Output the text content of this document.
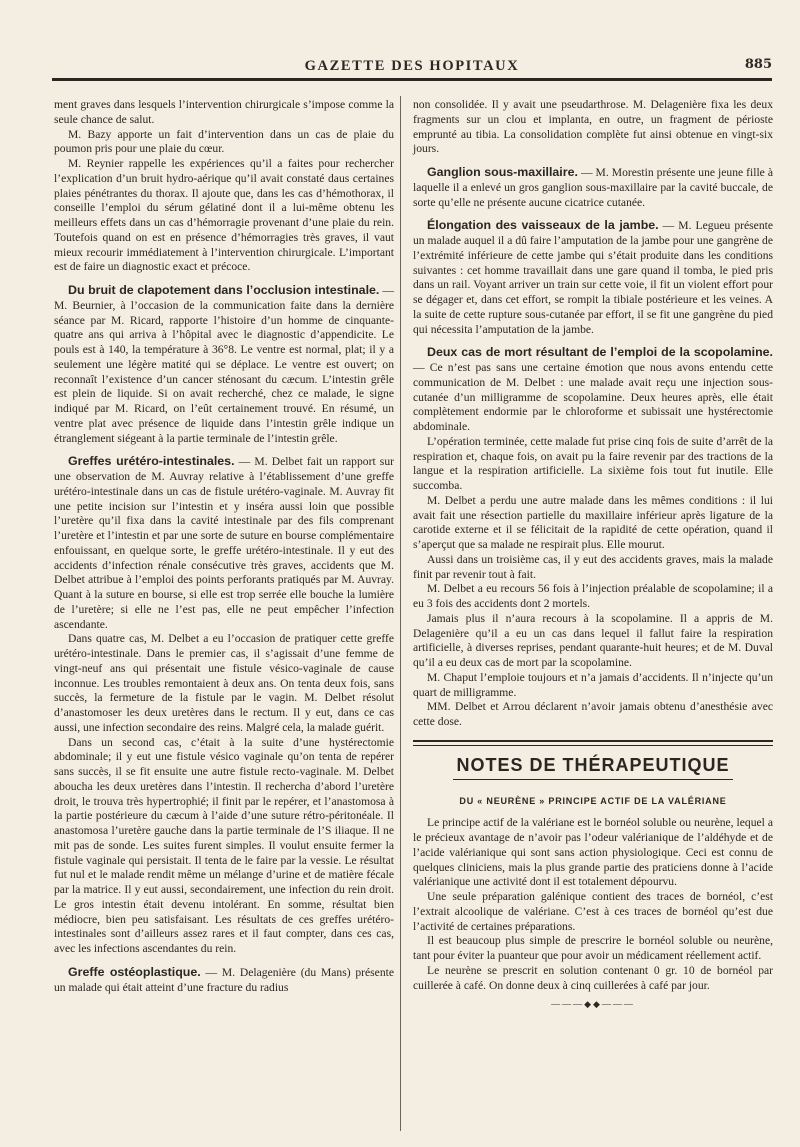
GAZETTE DES HOPITAUX	885

ment graves dans lesquels l’intervention chirurgicale s’impose comme la seule chance de salut.

M. Bazy apporte un fait d’intervention dans un cas de plaie du poumon pris pour une plaie du cœur.

M. Reynier rappelle les expériences qu’il a faites pour rechercher l’explication d’un bruit hydro-aérique qu’il avait constaté daus certaines plaies pénétrantes du thorax. Il ajoute que, dans les cas d’hémothorax, il conseille l’emploi du sérum gélatiné dont il a lui-même obtenu les meilleurs effets dans un cas d’hémorragie provenant d’une plaie du rein. Toutefois quand on est en présence d’hémorragies très graves, il vaut mieux recourir immédiatement à l’intervention chirurgicale. L’important est de faire un diagnostic exact et précoce.

Du bruit de clapotement dans l’occlusion intestinale. — M. Beurnier, à l’occasion de la communication faite dans la dernière séance par M. Ricard, rapporte l’histoire d’un homme de cinquante-quatre ans qui arriva à l’hôpital avec le diagnostic d’appendicite. Le pouls est à 140, la température à 36°8. Le ventre est normal, plat; il y a seulement une légère matité qui se déplace. Le ventre est ouvert; on reconnaît l’existence d’un cancer sténosant du cæcum. L’intestin grêle est plein de liquide. Si on avait recherché, chez ce malade, le signe indiqué par M. Ricard, on l’eût certainement trouvé. En résumé, un ventre plat avec présence de liquide dans l’intestin grêle indique un étranglement siégeant à la partie terminale de l’intestin grêle.

Greffes urétéro-intestinales. — M. Delbet fait un rapport sur une observation de M. Auvray relative à l’établissement d’une greffe urétéro-intestinale dans un cas de fistule urétéro-vaginale. M. Auvray fit une petite incision sur l’intestin et y inséra aussi loin que possible l’uretère qu’il fixa dans la cavité intestinale par des fils comprenant l’uretère et l’intestin et par une sorte de suture en bourse complémentaire enfouissant, en quelque sorte, le greffe urétéro-intestinale. Il y eut des accidents d’infection rénale consécutive très graves, accidents que M. Delbet attribue à l’emploi des points perforants pratiqués par M. Auvray. Quant à la suture en bourse, si elle est trop serrée elle bouche la lumière de l’uretère; si elle ne l’est pas, elle ne peut empêcher l’infection ascendante.

Dans quatre cas, M. Delbet a eu l’occasion de pratiquer cette greffe urétéro-intestinale. Dans le premier cas, il s’agissait d’une femme de vingt-neuf ans qui présentait une fistule vésico-vaginale de cause inconnue. Les troubles remontaient à deux ans. On tenta deux fois, sans succès, la fermeture de la fistule par le vagin. M. Delbet résolut d’anastomoser les deux uretères dans le rectum. Il y eut, dans ce cas aussi, une infection secondaire des reins. Malgré cela, la malade guérit.

Dans un second cas, c’était à la suite d’une hystérectomie abdominale; il y eut une fistule vésico vaginale qu’on tenta de repérer sans succès, il se fit ensuite une autre fistule recto-vaginale. M. Delbet aboucha les deux uretères dans l’intestin. Il rechercha d’abord l’uretère droit, le trouva très hypertrophié; il finit par le repérer, et l’anastomosa à la partie postérieure du cæcum à l’aide d’une suture rétro-péritonéale. Il anastomosa l’uretère gauche dans la partie terminale de l’S iliaque. Il ne mit pas de sonde. Les suites furent simples. Il voulut ensuite fermer la fistule vaginale qui persistait. Il tenta de le faire par la vessie. Le résultat fut nul et le malade rendit même un mélange d’urine et de matière fécale par la matrice. Il y eut aussi, secondairement, une infection du rein droit. Le gros intestin était devenu intolérant. En somme, résultat bien médiocre, bien peu satisfaisant. Les résultats de ces greffes urétéro-intestinales sont d’ailleurs assez rares et il faut compter, dans ces cas, avec les infections ascendantes du rein.

Greffe ostéoplastique. — M. Delagenière (du Mans) présente un malade qui était atteint d’une fracture du radius

non consolidée. Il y avait une pseudarthrose. M. Delagenière fixa les deux fragments sur un clou et implanta, en outre, un fragment de périoste emprunté au tibia. La consolidation complète fut ainsi obtenue en vingt-six jours.

Ganglion sous-maxillaire. — M. Morestin présente une jeune fille à laquelle il a enlevé un gros ganglion sous-maxillaire par la cavité buccale, de sorte qu’elle ne présente aucune cicatrice cutanée.

Élongation des vaisseaux de la jambe. — M. Legueu présente un malade auquel il a dû faire l’amputation de la jambe pour une gangrène de l’extrémité inférieure de cette jambe qui s’était produite dans les conditions suivantes : cet homme travaillait dans une gare quand il tomba, le pied pris dans un rail. Voyant arriver un train sur cette voie, il fit un violent effort pour se dégager et, dans cet effort, se rompit la tibiale postérieure et les veines. A la suite de cette rupture sous-cutanée par effort, il se fit une gangrène du pied qui nécessita l’amputation de la jambe.

Deux cas de mort résultant de l’emploi de la scopolamine. — Ce n’est pas sans une certaine émotion que nous avons entendu cette communication de M. Delbet : une malade avait reçu une injection sous-cutanée d’un milligramme de scopolamine. Deux heures après, elle était complètement endormie par le chloroforme et subissait une hystérectomie abdominale.

L’opération terminée, cette malade fut prise cinq fois de suite d’arrêt de la respiration et, chaque fois, on avait pu la faire revenir par des tractions de la langue et la respiration artificielle. La sixième fois tout fut inutile. Elle succomba.

M. Delbet a perdu une autre malade dans les mêmes conditions : il lui avait fait une résection partielle du maxillaire inférieur après ligature de la carotide externe et il se félicitait de la rapidité de cette opération, quand il s’aperçut que sa malade ne respirait plus. Elle mourut.

Aussi dans un troisième cas, il y eut des accidents graves, mais la malade finit par revenir tout à fait.

M. Delbet a eu recours 56 fois à l’injection préalable de scopolamine; il a eu 3 fois des accidents dont 2 mortels.

Jamais plus il n’aura recours à la scopolamine. Il a appris de M. Delagenière qu’il a eu un cas dans lequel il fallut faire la respiration artificielle, à diverses reprises, pendant quarante-huit heures; et de M. Duval qu’il a eu deux cas de mort par la scopolamine.

M. Chaput l’emploie toujours et n’a jamais d’accidents. Il n’injecte qu’un quart de milligramme.

MM. Delbet et Arrou déclarent n’avoir jamais obtenu d’anesthésie avec cette dose.

NOTES DE THÉRAPEUTIQUE
DU « NEURÈNE » PRINCIPE ACTIF DE LA VALÉRIANE

Le principe actif de la valériane est le bornéol soluble ou neurène, lequel a le précieux avantage de n’avoir pas l’odeur valérianique de l’aldéhyde et de l’acide valérianique qui sont sans action physiologique. Ceci est connu de quelques cliniciens, mais la plus grande partie des praticiens donne à l’acide valérianique une activité dont il est totalement dépourvu.

Une seule préparation galénique contient des traces de bornéol, c’est l’extrait alcoolique de valériane. C’est à ces traces de bornéol qu’est due l’activité de certaines préparations.

Il est beaucoup plus simple de prescrire le bornéol soluble ou neurène, tant pour éviter la puanteur que pour avoir un médicament réellement actif.

Le neurène se prescrit en solution contenant 0 gr. 10 de bornéol par cuillerée à café. On donne deux à cinq cuillerées à café par jour.

———◆◆———
